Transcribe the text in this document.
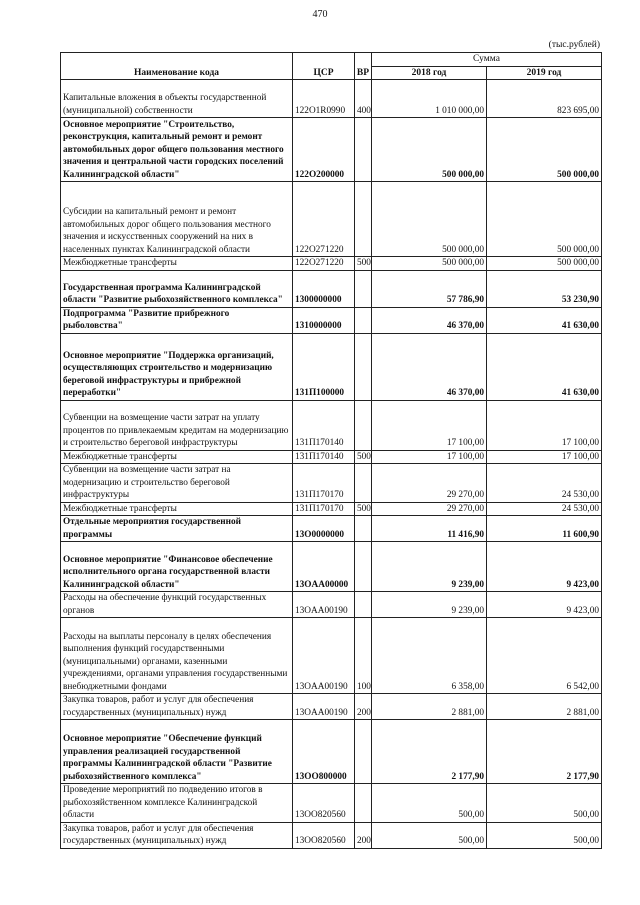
470
(тыс.рублей)
Наименование кода	ЦСР	ВР	Сумма	
			2018 год	2019 год
Капитальные вложения в объекты государственной (муниципальной) собственности	122O1R0990	400	1 010 000,00	823 695,00
Основное мероприятие "Строительство, реконструкция, капитальный ремонт и ремонт автомобильных дорог общего пользования местного значения и центральной части городских поселений Калининградской области"	122O200000		500 000,00	500 000,00
Субсидии на капитальный ремонт и ремонт автомобильных дорог общего пользования местного значения и искусственных сооружений на них в населенных пунктах Калининградской области	122O271220		500 000,00	500 000,00
Межбюджетные трансферты	122O271220	500	500 000,00	500 000,00
Государственная программа Калининградской области "Развитие рыбохозяйственного комплекса"	1300000000		57 786,90	53 230,90
Подпрограмма "Развитие прибрежного рыболовства"	1310000000		46 370,00	41 630,00
Основное мероприятие "Поддержка организаций, осуществляющих строительство и модернизацию береговой инфраструктуры и прибрежной переработки"	131П100000		46 370,00	41 630,00
Субвенции на возмещение части затрат на уплату процентов по привлекаемым кредитам на модернизацию и строительство береговой инфраструктуры	131П170140		17 100,00	17 100,00
Межбюджетные трансферты	131П170140	500	17 100,00	17 100,00
Субвенции на возмещение части затрат на модернизацию и строительство береговой инфраструктуры	131П170170		29 270,00	24 530,00
Межбюджетные трансферты	131П170170	500	29 270,00	24 530,00
Отдельные мероприятия государственной программы	13O0000000		11 416,90	11 600,90
Основное мероприятие "Финансовое обеспечение исполнительного органа государственной власти Калининградской области"	13OAA00000		9 239,00	9 423,00
Расходы на обеспечение функций государственных органов	13OAA00190		9 239,00	9 423,00
Расходы на выплаты персоналу в целях обеспечения выполнения функций государственными (муниципальными) органами, казенными учреждениями, органами управления государственными внебюджетными фондами	13OAA00190	100	6 358,00	6 542,00
Закупка товаров, работ и услуг для обеспечения государственных (муниципальных) нужд	13OAA00190	200	2 881,00	2 881,00
Основное мероприятие "Обеспечение функций управления реализацией государственной программы Калининградской области "Развитие рыбохозяйственного комплекса"	13OO800000		2 177,90	2 177,90
Проведение мероприятий по подведению итогов в рыбохозяйственном комплексе Калининградской области	13OO820560		500,00	500,00
Закупка товаров, работ и услуг для обеспечения государственных (муниципальных) нужд	13OO820560	200	500,00	500,00
